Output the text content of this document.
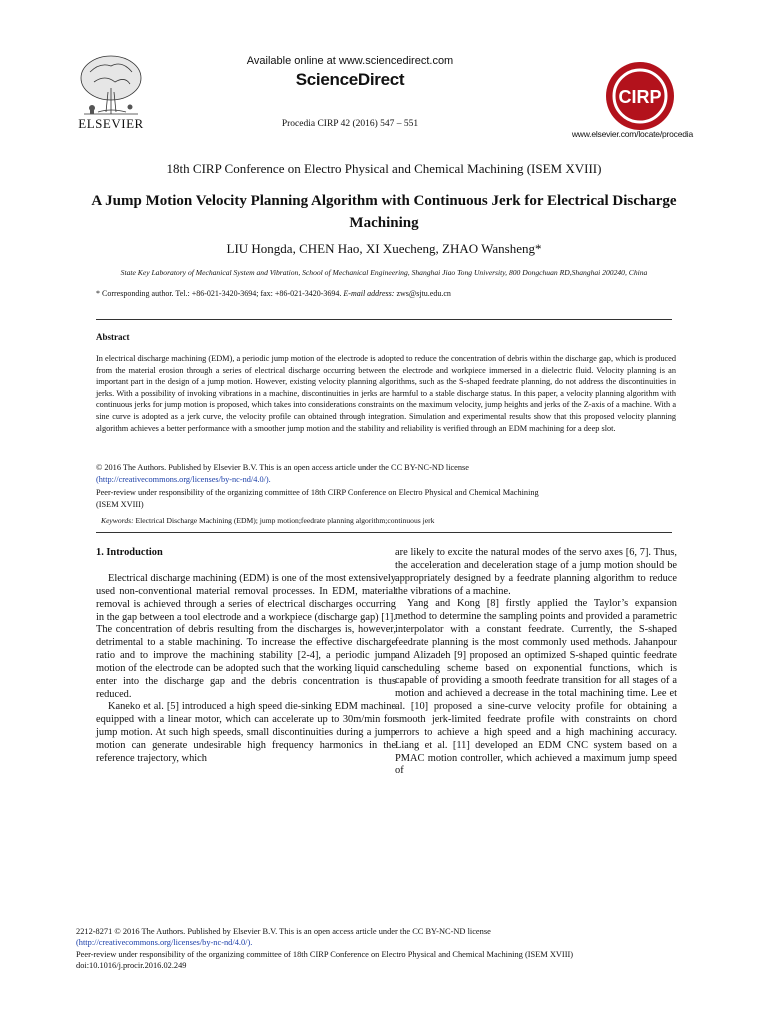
ELSEVIER
Available online at www.sciencedirect.com
ScienceDirect
Procedia CIRP 42 (2016) 547 – 551
CIRP
www.elsevier.com/locate/procedia
18th CIRP Conference on Electro Physical and Chemical Machining (ISEM XVIII)
A Jump Motion Velocity Planning Algorithm with Continuous Jerk for Electrical Discharge Machining
LIU Hongda, CHEN Hao, XI Xuecheng, ZHAO Wansheng*
State Key Laboratory of Mechanical System and Vibration, School of Mechanical Engineering, Shanghai Jiao Tong University, 800 Dongchuan RD,Shanghai 200240, China
* Corresponding author. Tel.: +86-021-3420-3694; fax: +86-021-3420-3694. E-mail address: zws@sjtu.edu.cn
Abstract
In electrical discharge machining (EDM), a periodic jump motion of the electrode is adopted to reduce the concentration of debris within the discharge gap, which is produced from the material erosion through a series of electrical discharge occurring between the electrode and workpiece immersed in a dielectric fluid. Velocity planning is an important part in the design of a jump motion. However, existing velocity planning algorithms, such as the S-shaped feedrate planning, do not address the discontinuities in jerks. With a possibility of invoking vibrations in a machine, discontinuities in jerks are harmful to a stable discharge status. In this paper, a velocity planning algorithm with continuous jerks for jump motion is proposed, which takes into considerations constraints on the maximum velocity, jump heights and jerks of the Z-axis of a machine. With a sine curve is adopted as a jerk curve, the velocity profile can obtained through integration. Simulation and experimental results show that this proposed velocity planning algorithm achieves a better performance with a smoother jump motion and the stability and reliability is verified through an EDM machining for a deep slot.
© 2016 The Authors. Published by Elsevier B.V. This is an open access article under the CC BY-NC-ND license
(http://creativecommons.org/licenses/by-nc-nd/4.0/).
Peer-review under responsibility of the organizing committee of 18th CIRP Conference on Electro Physical and Chemical Machining
(ISEM XVIII)
Keywords: Electrical Discharge Machining (EDM); jump motion;feedrate planning algorithm;continuous jerk
1. Introduction

Electrical discharge machining (EDM) is one of the most extensively used non-conventional material removal processes. In EDM, material removal is achieved through a series of electrical discharges occurring in the gap between a tool electrode and a workpiece (discharge gap) [1]. The concentration of debris resulting from the discharges is, however, detrimental to a stable machining. To increase the effective discharge ratio and to improve the machining stability [2-4], a periodic jump motion of the electrode can be adopted such that the working liquid can enter into the discharge gap and the debris concentration is thus reduced.

Kaneko et al. [5] introduced a high speed die-sinking EDM machine equipped with a linear motor, which can accelerate up to 30m/min for jump motion. At such high speeds, small discontinuities during a jump motion can generate undesirable high frequency harmonics in the reference trajectory, which

are likely to excite the natural modes of the servo axes [6, 7]. Thus, the acceleration and deceleration stage of a jump motion should be appropriately designed by a feedrate planning algorithm to reduce the vibrations of a machine.

Yang and Kong [8] firstly applied the Taylor’s expansion method to determine the sampling points and provided a parametric interpolator with a constant feedrate. Currently, the S-shaped feedrate planning is the most commonly used methods. Jahanpour and Alizadeh [9] proposed an optimized S-shaped quintic feedrate scheduling scheme based on exponential functions, which is capable of providing a smooth feedrate transition for all stages of a motion and achieved a decrease in the total machining time. Lee et al. [10] proposed a sine-curve velocity profile for obtaining a smooth jerk-limited feedrate profile with constraints on chord errors to achieve a high speed and a high machining accuracy. Liang et al. [11] developed an EDM CNC system based on a PMAC motion controller, which achieved a maximum jump speed of

2212-8271 © 2016 The Authors. Published by Elsevier B.V. This is an open access article under the CC BY-NC-ND license
(http://creativecommons.org/licenses/by-nc-nd/4.0/).
Peer-review under responsibility of the organizing committee of 18th CIRP Conference on Electro Physical and Chemical Machining (ISEM XVIII)
doi:10.1016/j.procir.2016.02.249
